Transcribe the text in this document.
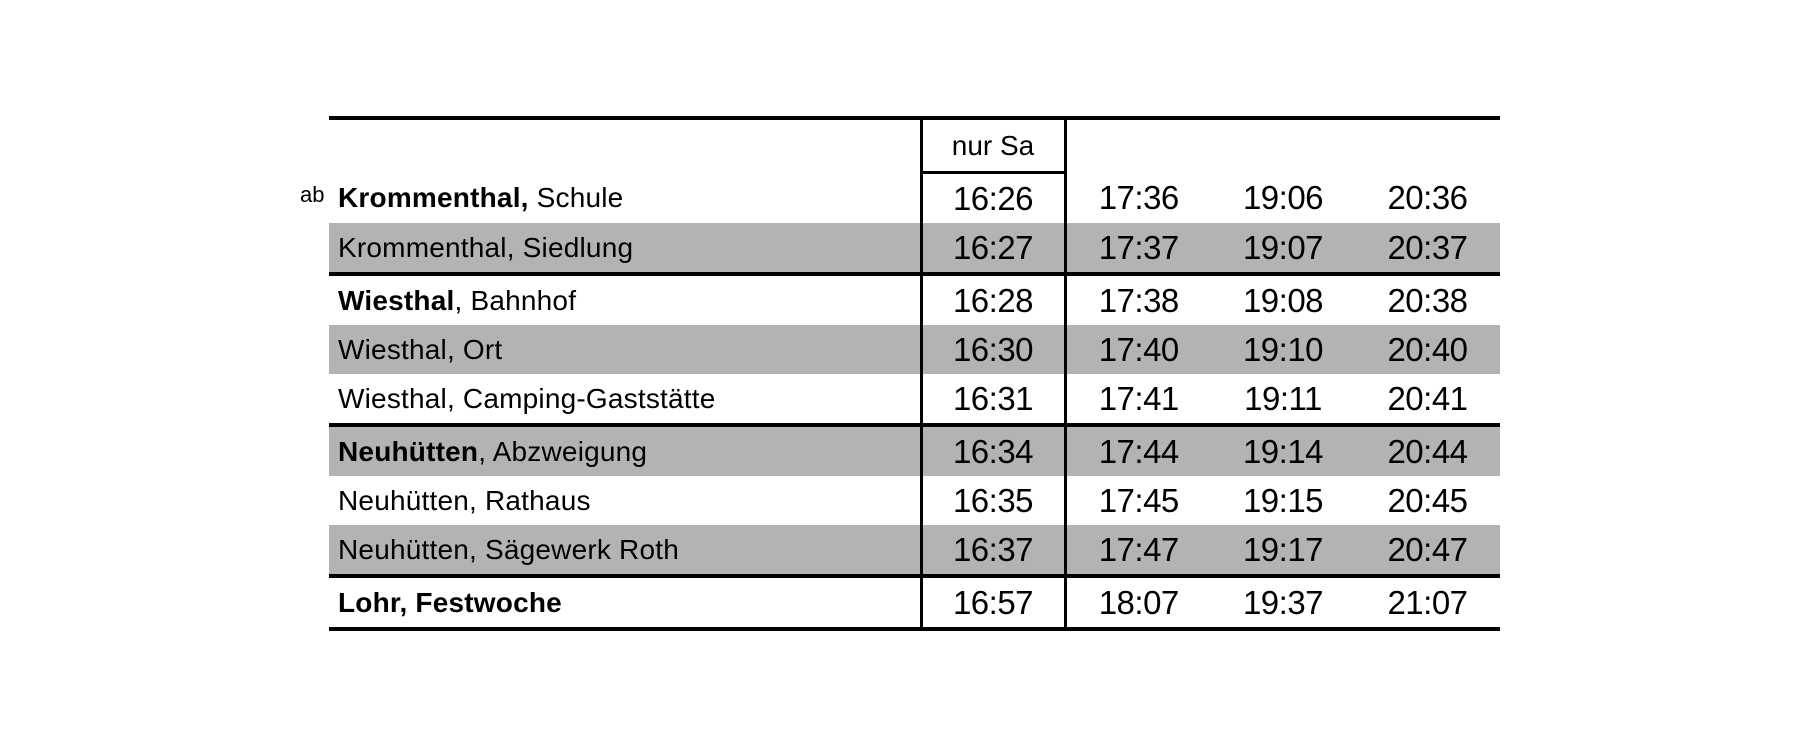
ab
	nur Sa			
Krommenthal, Schule	16:26	17:36	19:06	20:36
Krommenthal, Siedlung	16:27	17:37	19:07	20:37
Wiesthal, Bahnhof	16:28	17:38	19:08	20:38
Wiesthal, Ort	16:30	17:40	19:10	20:40
Wiesthal, Camping-Gaststätte	16:31	17:41	19:11	20:41
Neuhütten, Abzweigung	16:34	17:44	19:14	20:44
Neuhütten, Rathaus	16:35	17:45	19:15	20:45
Neuhütten, Sägewerk Roth	16:37	17:47	19:17	20:47
Lohr, Festwoche	16:57	18:07	19:37	21:07
